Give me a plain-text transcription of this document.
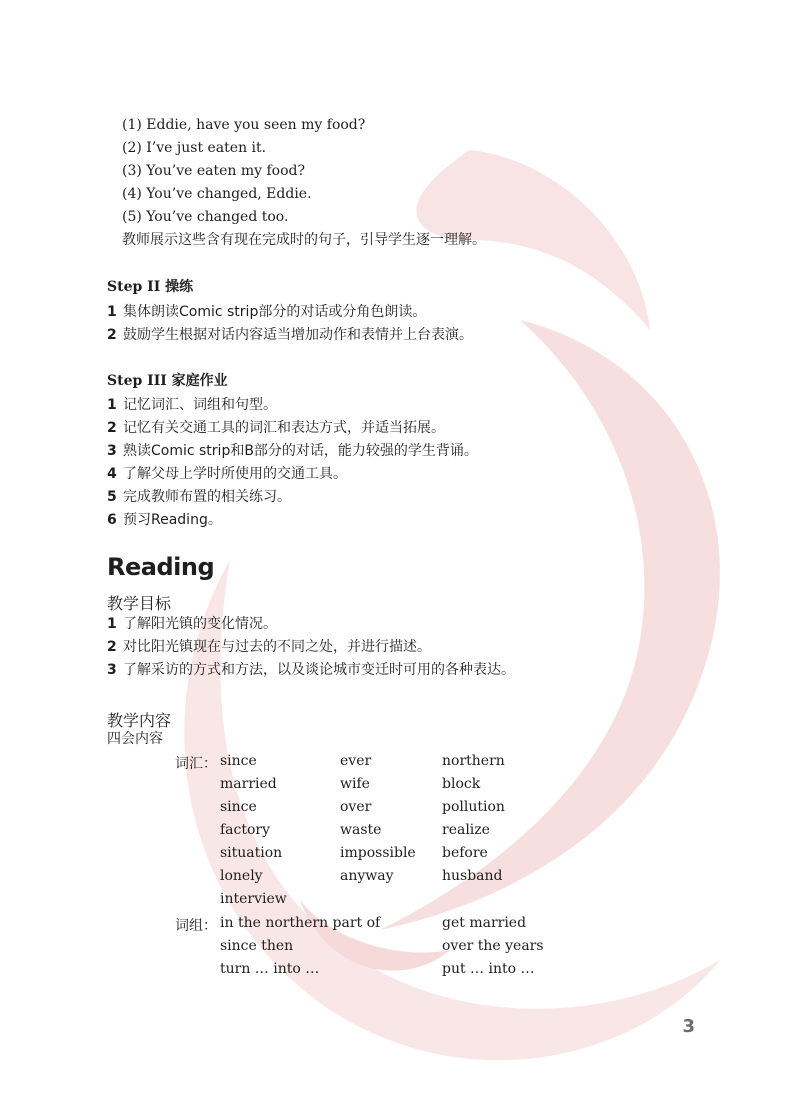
(1) Eddie, have you seen my food?
(2) I’ve just eaten it.
(3) You’ve eaten my food?
(4) You’ve changed, Eddie.
(5) You’ve changed too.
教师展示这些含有现在完成时的句子，引导学生逐一理解。
Step II 操练
1 集体朗读Comic strip部分的对话或分角色朗读。
2 鼓励学生根据对话内容适当增加动作和表情并上台表演。
Step III 家庭作业
1 记忆词汇、词组和句型。
2 记忆有关交通工具的词汇和表达方式，并适当拓展。
3 熟读Comic strip和B部分的对话，能力较强的学生背诵。
4 了解父母上学时所使用的交通工具。
5 完成教师布置的相关练习。
6 预习Reading。
Reading
教学目标
1 了解阳光镇的变化情况。
2 对比阳光镇现在与过去的不同之处，并进行描述。
3 了解采访的方式和方法，以及谈论城市变迁时可用的各种表达。
教学内容
四会内容
词汇： since
married
since
factory
situation
lonely
interview
ever
wife
over
waste
impossible
anyway
northern
block
pollution
realize
before
husband
词组： in the northern part of
since then
turn … into …
get married
over the years
put … into …
3
